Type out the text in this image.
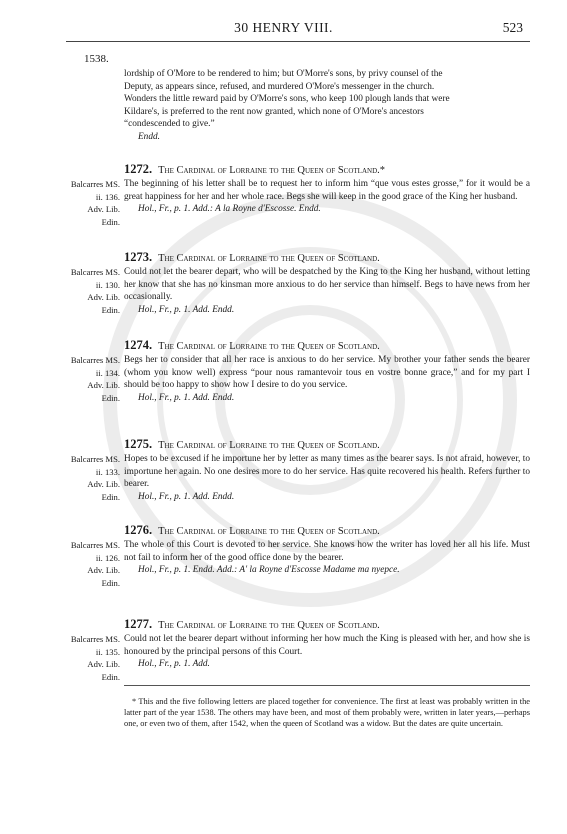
30 HENRY VIII.	523
1538.
lordship of O'More to be rendered to him; but O'Morre's sons, by privy counsel of the
Deputy, as appears since, refused, and murdered O'More's messenger in the church.
Wonders the little reward paid by O'Morre's sons, who keep 100 plough lands that were
Kildare's, is preferred to the rent now granted, which none of O'More's ancestors
“condescended to give.”
Endd.
1272. The Cardinal of Lorraine to the Queen of Scotland.*
Balcarres MS.
ii. 136.
Adv. Lib.
Edin.

The beginning of his letter shall be to request her to inform him “que vous estes grosse,” for it would be a great happiness for her and her whole race. Begs she will keep in the good grace of the King her husband.

Hol., Fr., p. 1. Add.: A la Royne d'Escosse. Endd.

1273. The Cardinal of Lorraine to the Queen of Scotland.
Balcarres MS.
ii. 130.
Adv. Lib.
Edin.

Could not let the bearer depart, who will be despatched by the King to the King her husband, without letting her know that she has no kinsman more anxious to do her service than himself. Begs to have news from her occasionally.

Hol., Fr., p. 1. Add. Endd.

1274. The Cardinal of Lorraine to the Queen of Scotland.
Balcarres MS.
ii. 134.
Adv. Lib.
Edin.

Begs her to consider that all her race is anxious to do her service. My brother your father sends the bearer (whom you know well) express “pour nous ramantevoir tous en vostre bonne grace,” and for my part I should be too happy to show how I desire to do you service.

Hol., Fr., p. 1. Add. Endd.

1275. The Cardinal of Lorraine to the Queen of Scotland.
Balcarres MS.
ii. 133.
Adv. Lib.
Edin.

Hopes to be excused if he importune her by letter as many times as the bearer says. Is not afraid, however, to importune her again. No one desires more to do her service. Has quite recovered his health. Refers further to bearer.

Hol., Fr., p. 1. Add. Endd.

1276. The Cardinal of Lorraine to the Queen of Scotland.
Balcarres MS.
ii. 126.
Adv. Lib.
Edin.

The whole of this Court is devoted to her service. She knows how the writer has loved her all his life. Must not fail to inform her of the good office done by the bearer.

Hol., Fr., p. 1. Endd. Add.: A' la Royne d'Escosse Madame ma nyepce.

1277. The Cardinal of Lorraine to the Queen of Scotland.
Balcarres MS.
ii. 135.
Adv. Lib.
Edin.

Could not let the bearer depart without informing her how much the King is pleased with her, and how she is honoured by the principal persons of this Court.

Hol., Fr., p. 1. Add.

* This and the five following letters are placed together for convenience. The first at least was probably written in the latter part of the year 1538. The others may have been, and most of them probably were, written in later years,—perhaps one, or even two of them, after 1542, when the queen of Scotland was a widow. But the dates are quite uncertain.
